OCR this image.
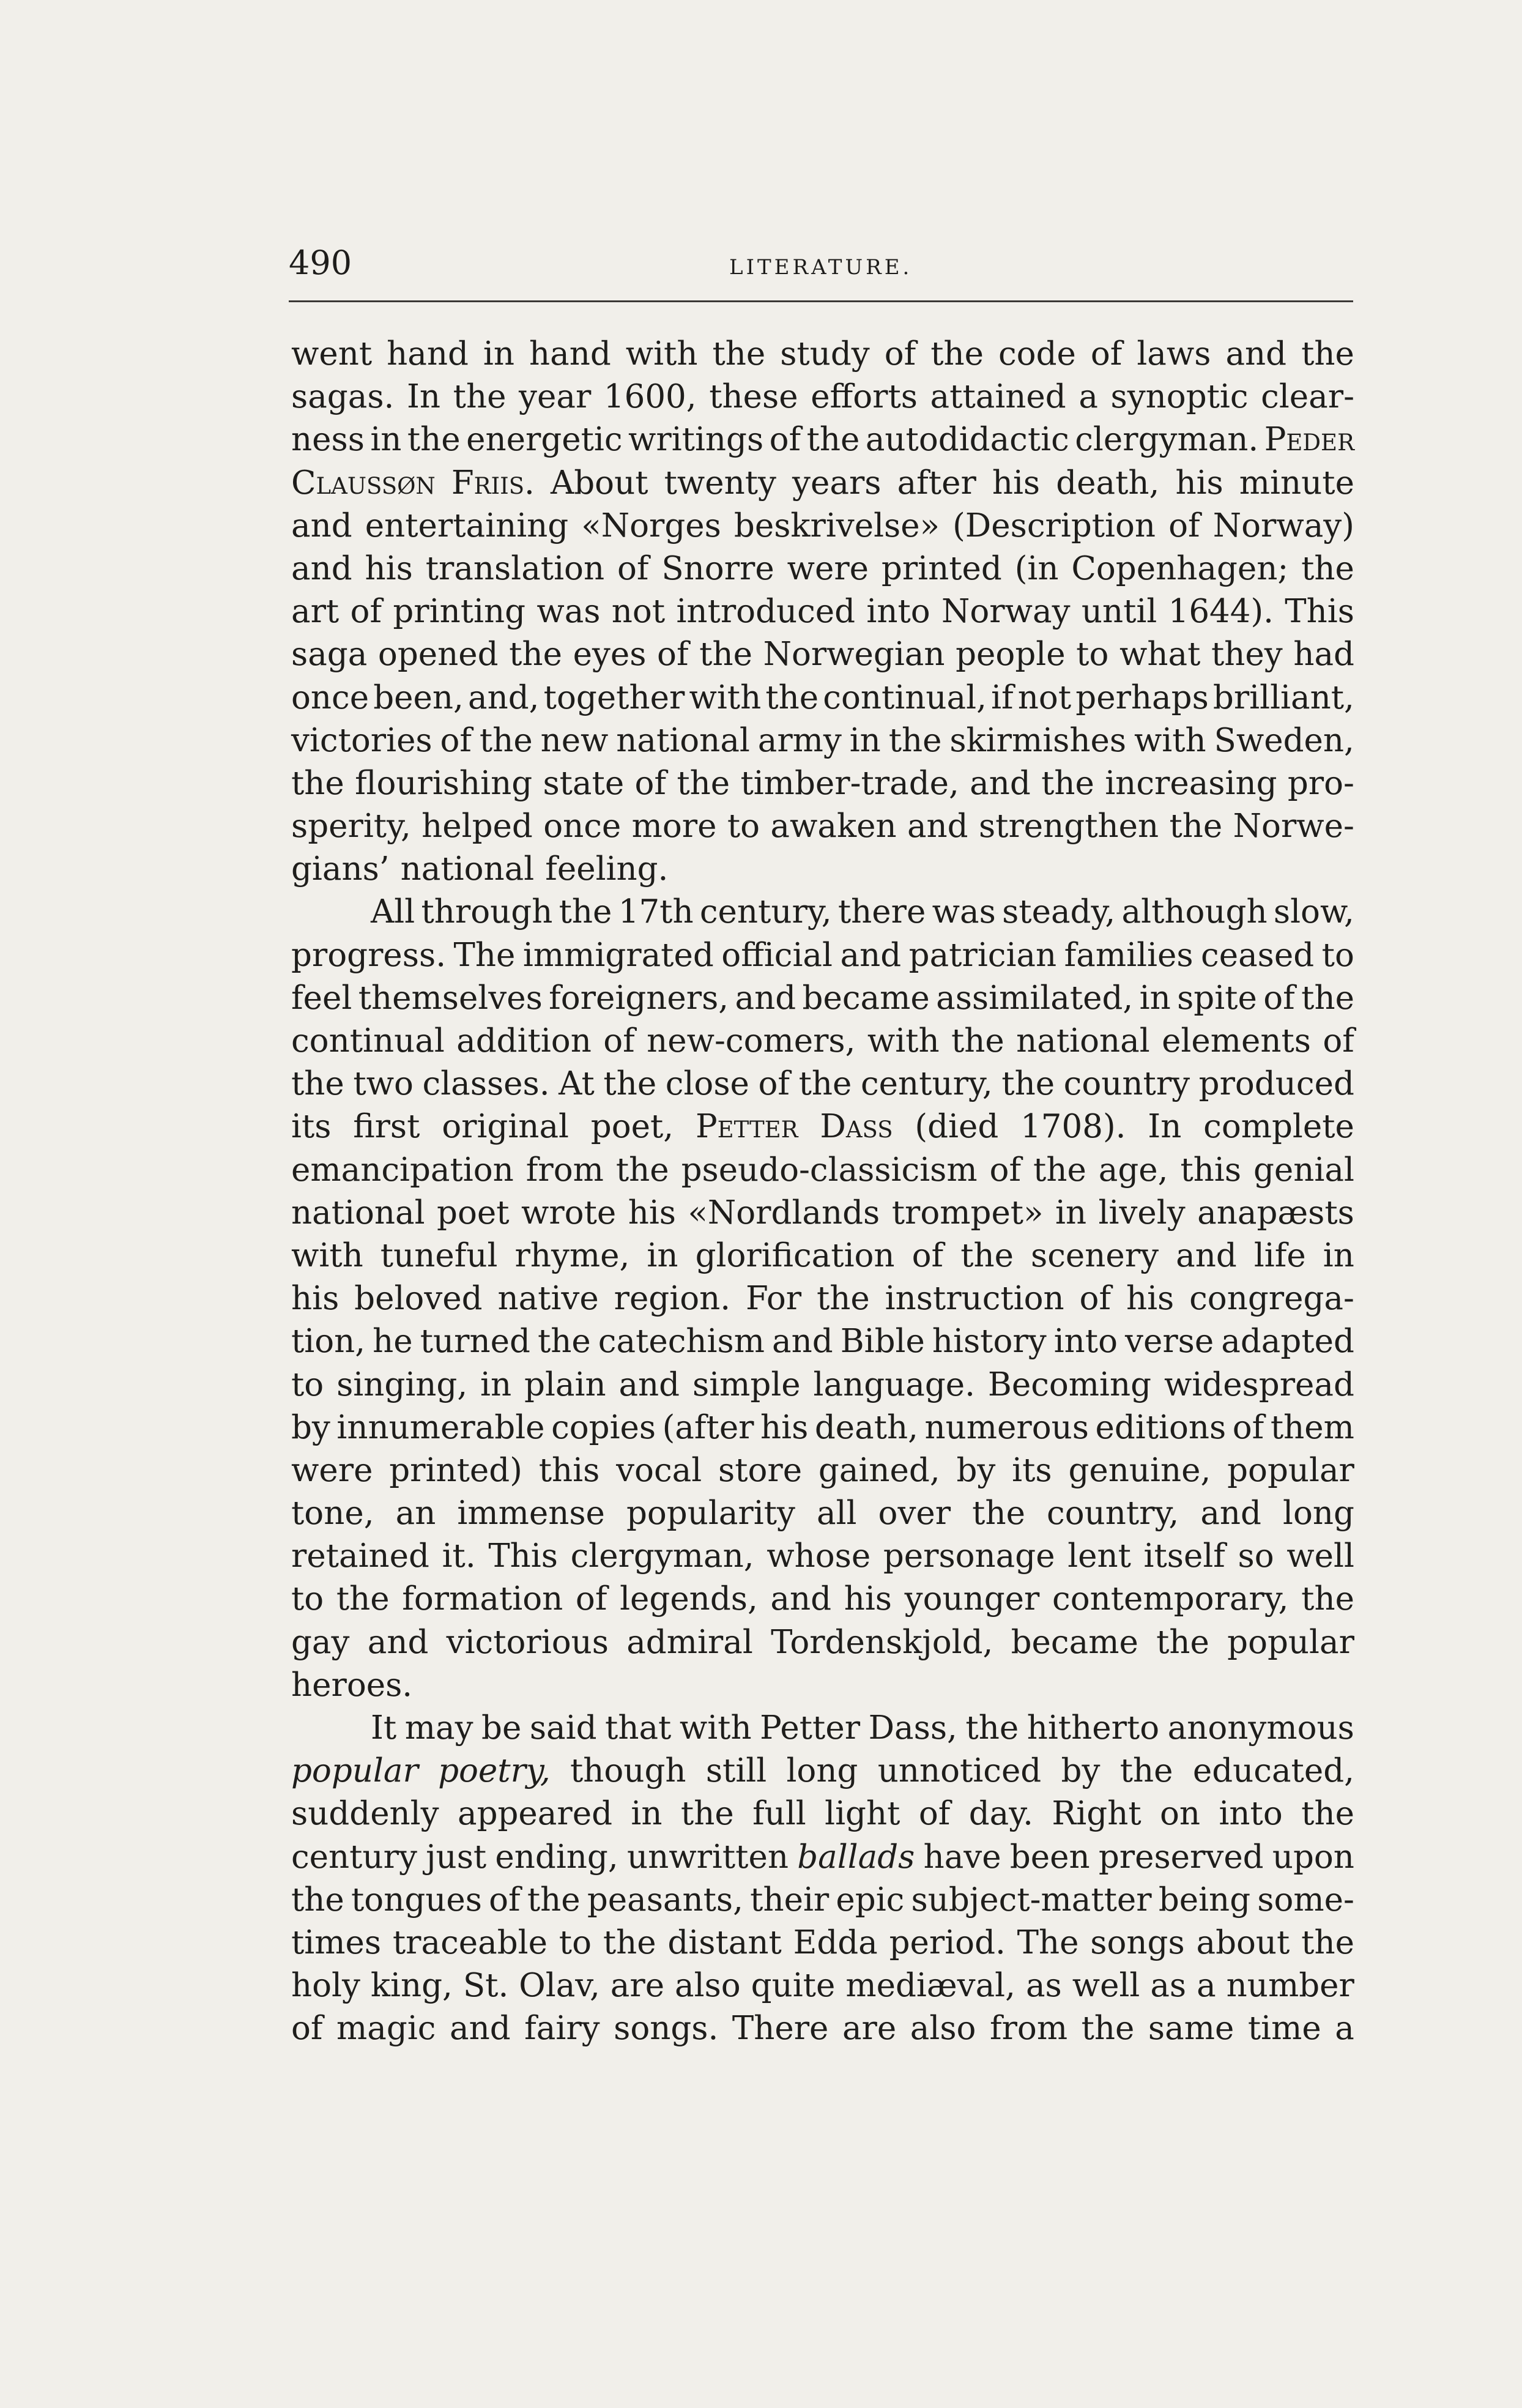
490	LITERATURE.
went hand in hand with the study of the code of laws and the
sagas. In the year 1600, these efforts attained a synoptic clear-
ness in the energetic writings of the autodidactic clergyman. Peder
Claussøn Friis. About twenty years after his death, his minute
and entertaining «Norges beskrivelse» (Description of Norway)
and his translation of Snorre were printed (in Copenhagen; the
art of printing was not introduced into Norway until 1644). This
saga opened the eyes of the Norwegian people to what they had
once been, and, together with the continual, if not perhaps brilliant,
victories of the new national army in the skirmishes with Sweden,
the flourishing state of the timber-trade, and the increasing pro-
sperity, helped once more to awaken and strengthen the Norwe-
gians’ national feeling.
All through the 17th century, there was steady, although slow,
progress. The immigrated official and patrician families ceased to
feel themselves foreigners, and became assimilated, in spite of the
continual addition of new-comers, with the national elements of
the two classes. At the close of the century, the country produced
its first original poet, Petter Dass (died 1708). In complete
emancipation from the pseudo-classicism of the age, this genial
national poet wrote his «Nordlands trompet» in lively anapæsts
with tuneful rhyme, in glorification of the scenery and life in
his beloved native region. For the instruction of his congrega-
tion, he turned the catechism and Bible history into verse adapted
to singing, in plain and simple language. Becoming widespread
by innumerable copies (after his death, numerous editions of them
were printed) this vocal store gained, by its genuine, popular
tone, an immense popularity all over the country, and long
retained it. This clergyman, whose personage lent itself so well
to the formation of legends, and his younger contemporary, the
gay and victorious admiral Tordenskjold, became the popular
heroes.
It may be said that with Petter Dass, the hitherto anonymous
popular poetry, though still long unnoticed by the educated,
suddenly appeared in the full light of day. Right on into the
century just ending, unwritten ballads have been preserved upon
the tongues of the peasants, their epic subject-matter being some-
times traceable to the distant Edda period. The songs about the
holy king, St. Olav, are also quite mediæval, as well as a number
of magic and fairy songs. There are also from the same time a
